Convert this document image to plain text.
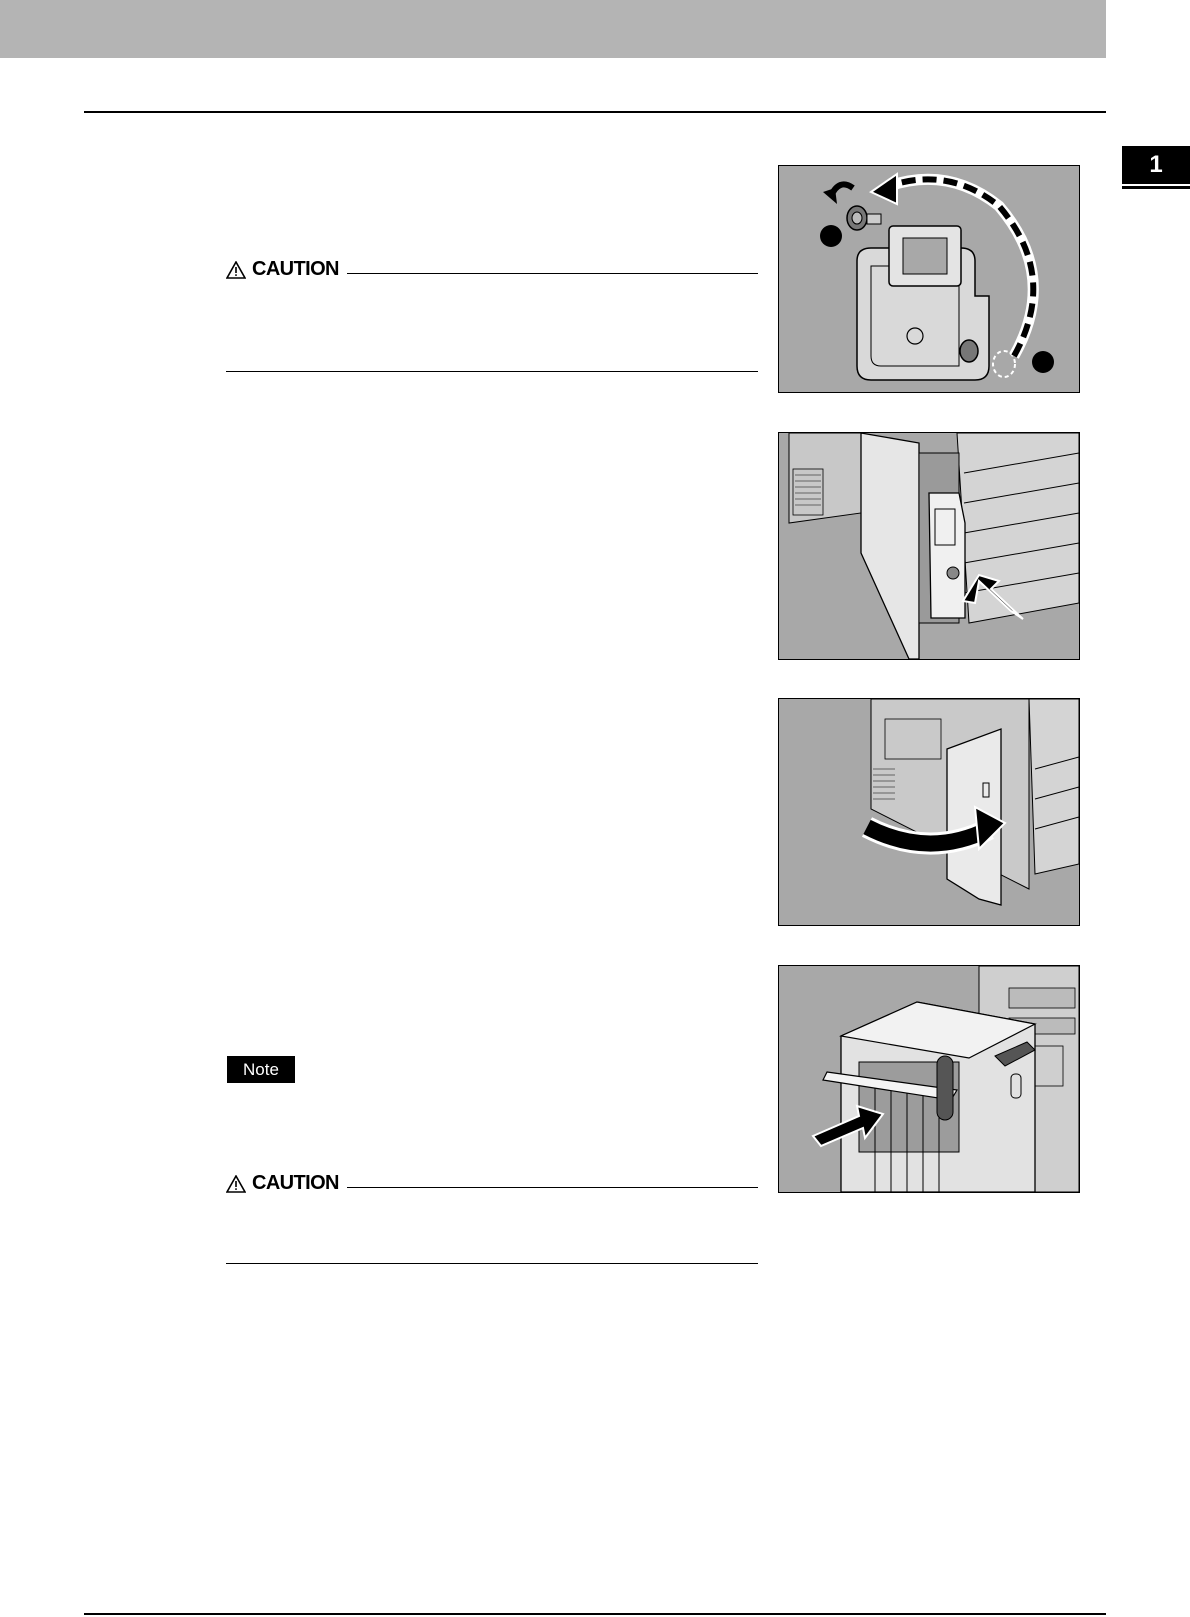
1
CAUTION
CAUTION
Note
